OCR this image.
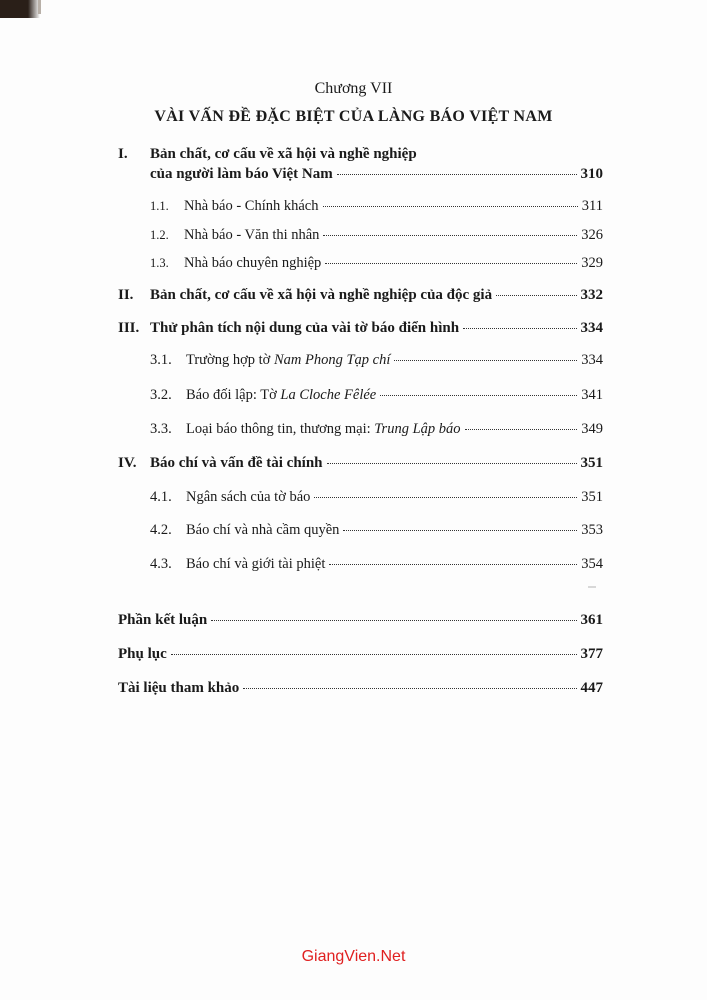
Chương VII
VÀI VẤN ĐỀ ĐẶC BIỆT CỦA LÀNG BÁO VIỆT NAM
I.	Bản chất, cơ cấu về xã hội và nghề nghiệp
của người làm báo Việt Nam	310
1.1.	Nhà báo - Chính khách	311
1.2.	Nhà báo - Văn thi nhân	326
1.3.	Nhà báo chuyên nghiệp	329
II.	Bản chất, cơ cấu về xã hội và nghề nghiệp của độc giả	332
III. Thử phân tích nội dung của vài tờ báo điển hình	334
3.1. Trường hợp tờ Nam Phong Tạp chí	334
3.2. Báo đối lập: Tờ La Cloche Fêlée	341
3.3. Loại báo thông tin, thương mại: Trung Lập báo	349
IV. Báo chí và vấn đề tài chính	351
4.1. Ngân sách của tờ báo	351
4.2. Báo chí và nhà cầm quyền	353
4.3. Báo chí và giới tài phiệt	354
Phần kết luận	361
Phụ lục	377
Tài liệu tham khảo	447
GiangVien.Net
